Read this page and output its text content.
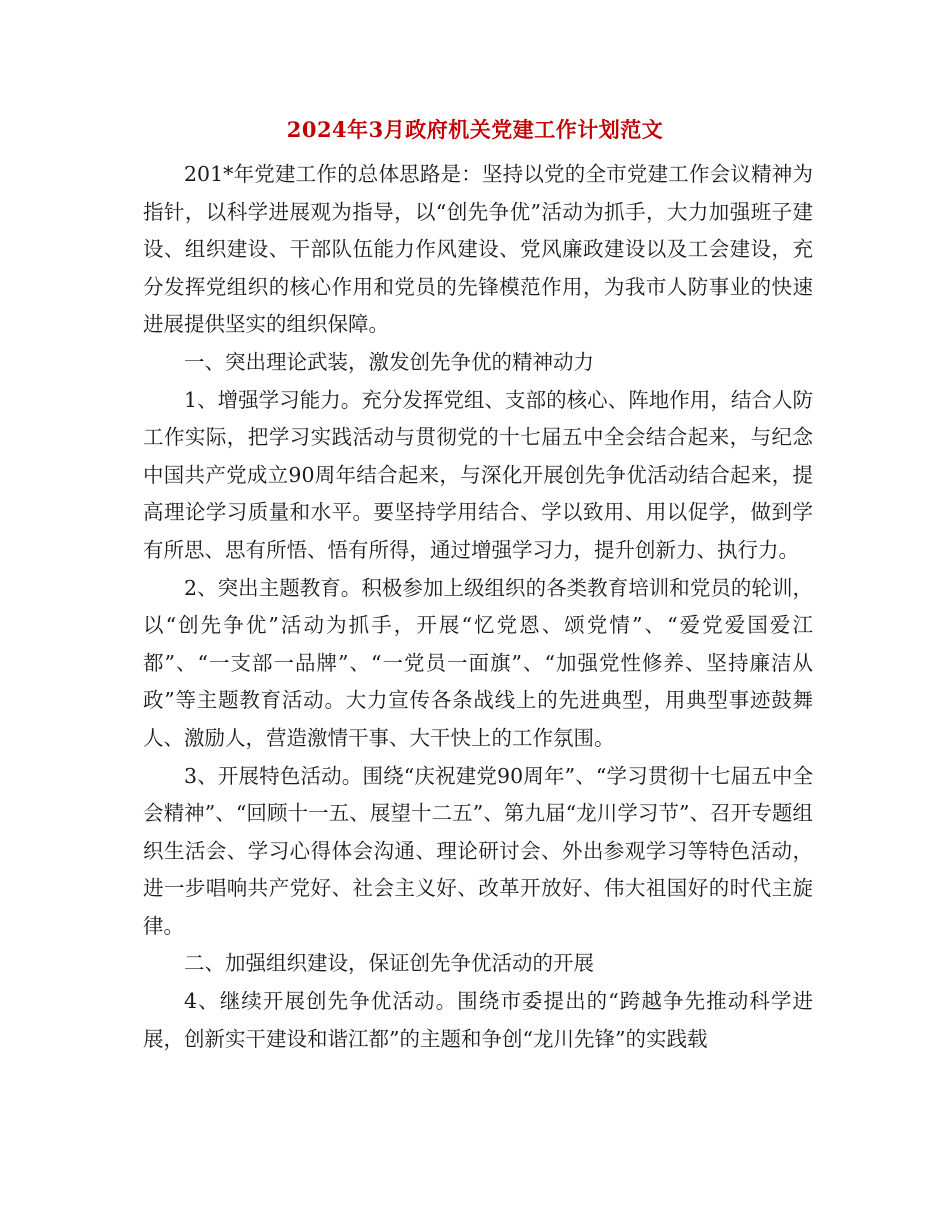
2024年3月政府机关党建工作计划范文

201*年党建工作的总体思路是：坚持以党的全市党建工作会议精神为指针，以科学进展观为指导，以“创先争优”活动为抓手，大力加强班子建设、组织建设、干部队伍能力作风建设、党风廉政建设以及工会建设，充分发挥党组织的核心作用和党员的先锋模范作用，为我市人防事业的快速进展提供坚实的组织保障。

一、突出理论武装，激发创先争优的精神动力

1、增强学习能力。充分发挥党组、支部的核心、阵地作用，结合人防工作实际，把学习实践活动与贯彻党的十七届五中全会结合起来，与纪念中国共产党成立90周年结合起来，与深化开展创先争优活动结合起来，提高理论学习质量和水平。要坚持学用结合、学以致用、用以促学，做到学有所思、思有所悟、悟有所得，通过增强学习力，提升创新力、执行力。

2、突出主题教育。积极参加上级组织的各类教育培训和党员的轮训，以“创先争优”活动为抓手，开展“忆党恩、颂党情”、“爱党爱国爱江都”、“一支部一品牌”、“一党员一面旗”、“加强党性修养、坚持廉洁从政”等主题教育活动。大力宣传各条战线上的先进典型，用典型事迹鼓舞人、激励人，营造激情干事、大干快上的工作氛围。

3、开展特色活动。围绕“庆祝建党90周年”、“学习贯彻十七届五中全会精神”、“回顾十一五、展望十二五”、第九届“龙川学习节”、召开专题组织生活会、学习心得体会沟通、理论研讨会、外出参观学习等特色活动，进一步唱响共产党好、社会主义好、改革开放好、伟大祖国好的时代主旋律。

二、加强组织建设，保证创先争优活动的开展

4、继续开展创先争优活动。围绕市委提出的“跨越争先推动科学进展，创新实干建设和谐江都”的主题和争创“龙川先锋”的实践载
